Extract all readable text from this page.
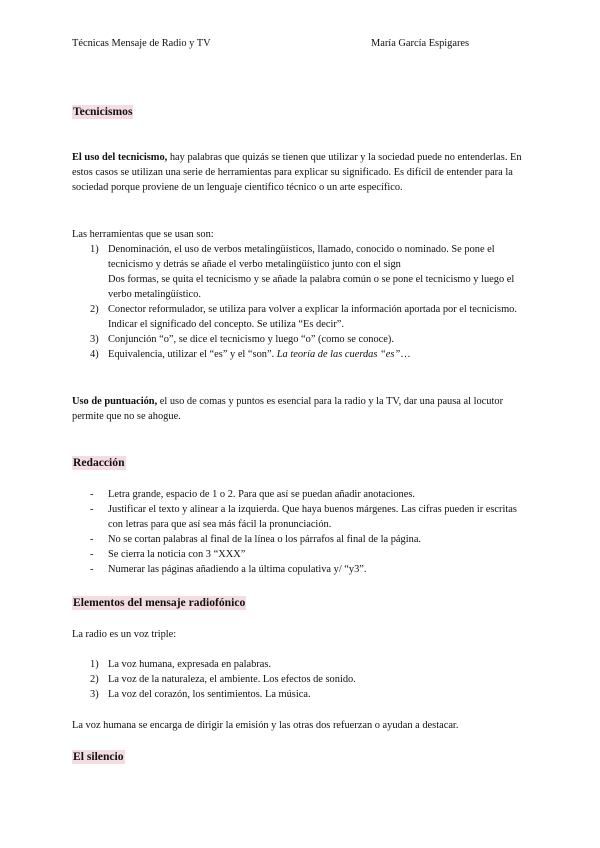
Técnicas Mensaje de Radio y TV	María García Espigares
Tecnicismos

El uso del tecnicismo, hay palabras que quizás se tienen que utilizar y la sociedad puede no entenderlas. En estos casos se utilizan una serie de herramientas para explicar su significado. Es difícil de entender para la sociedad porque proviene de un lenguaje científico técnico o un arte específico.

Las herramientas que se usan son:

1) Denominación, el uso de verbos metalingüísticos, llamado, conocido o nominado. Se pone el tecnicismo y detrás se añade el verbo metalingüístico junto con el sign
Dos formas, se quita el tecnicismo y se añade la palabra común o se pone el tecnicismo y luego el verbo metalingüístico.
2) Conector reformulador, se utiliza para volver a explicar la información aportada por el tecnicismo. Indicar el significado del concepto. Se utiliza “Es decir”.
3) Conjunción “o”, se dice el tecnicismo y luego “o” (como se conoce).
4) Equivalencia, utilizar el “es” y el “son”. La teoría de las cuerdas “es”…

Uso de puntuación, el uso de comas y puntos es esencial para la radio y la TV, dar una pausa al locutor permite que no se ahogue.

Redacción
- Letra grande, espacio de 1 o 2. Para que así se puedan añadir anotaciones.
- Justificar el texto y alinear a la izquierda. Que haya buenos márgenes. Las cifras pueden ir escritas con letras para que así sea más fácil la pronunciación.
- No se cortan palabras al final de la línea o los párrafos al final de la página.
- Se cierra la noticia con 3 “XXX”
- Numerar las páginas añadiendo a la última copulativa y/ “y3”.
Elementos del mensaje radiofónico

La radio es un voz triple:

1) La voz humana, expresada en palabras.
2) La voz de la naturaleza, el ambiente. Los efectos de sonido.
3) La voz del corazón, los sentimientos. La música.

La voz humana se encarga de dirigir la emisión y las otras dos refuerzan o ayudan a destacar.

El silencio
